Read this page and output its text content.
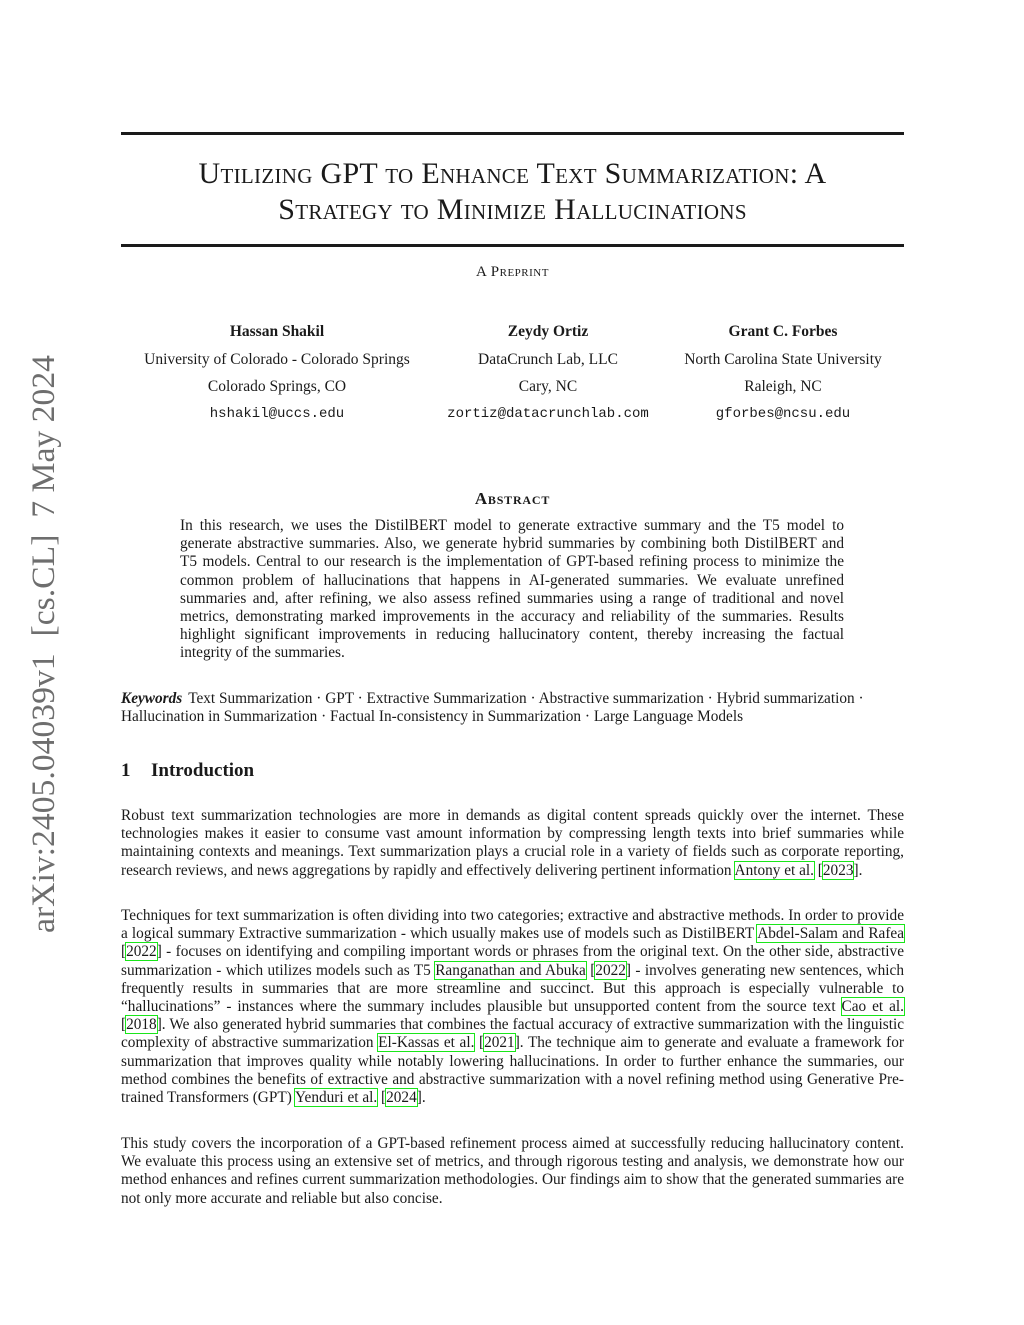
Utilizing GPT to Enhance Text Summarization: A
Strategy to Minimize Hallucinations
A Preprint
Hassan Shakil
University of Colorado - Colorado Springs
Colorado Springs, CO
hshakil@uccs.edu
Zeydy Ortiz
DataCrunch Lab, LLC
Cary, NC
zortiz@datacrunchlab.com
Grant C. Forbes
North Carolina State University
Raleigh, NC
gforbes@ncsu.edu
arXiv:2405.04039v1  [cs.CL]  7 May 2024	Abstract
In this research, we uses the DistilBERT model to generate extractive summary and the T5 model to generate abstractive summaries. Also, we generate hybrid summaries by combining both DistilBERT and T5 models. Central to our research is the implementation of GPT-based refining process to minimize the common problem of hallucinations that happens in AI-generated summaries. We evaluate unrefined summaries and, after refining, we also assess refined summaries using a range of traditional and novel metrics, demonstrating marked improvements in the accuracy and reliability of the summaries. Results highlight significant improvements in reducing hallucinatory content, thereby increasing the factual integrity of the summaries.
Keywords Text Summarization · GPT · Extractive Summarization · Abstractive summarization · Hybrid summarization · Hallucination in Summarization · Factual In-consistency in Summarization · Large Language Models
1 Introduction
Robust text summarization technologies are more in demands as digital content spreads quickly over the internet. These technologies makes it easier to consume vast amount information by compressing length texts into brief summaries while maintaining contexts and meanings. Text summarization plays a crucial role in a variety of fields such as corporate reporting, research reviews, and news aggregations by rapidly and effectively delivering pertinent information Antony et al. [2023].
Techniques for text summarization is often dividing into two categories; extractive and abstractive methods. In order to provide a logical summary Extractive summarization - which usually makes use of models such as DistilBERT Abdel-Salam and Rafea [2022] - focuses on identifying and compiling important words or phrases from the original text. On the other side, abstractive summarization - which utilizes models such as T5 Ranganathan and Abuka [2022] - involves generating new sentences, which frequently results in summaries that are more streamline and succinct. But this approach is especially vulnerable to “hallucinations” - instances where the summary includes plausible but unsupported content from the source text Cao et al. [2018]. We also generated hybrid summaries that combines the factual accuracy of extractive summarization with the linguistic complexity of abstractive summarization El-Kassas et al. [2021]. The technique aim to generate and evaluate a framework for summarization that improves quality while notably lowering hallucinations. In order to further enhance the summaries, our method combines the benefits of extractive and abstractive summarization with a novel refining method using Generative Pre-trained Transformers (GPT) Yenduri et al. [2024].
This study covers the incorporation of a GPT-based refinement process aimed at successfully reducing hallucinatory content. We evaluate this process using an extensive set of metrics, and through rigorous testing and analysis, we demonstrate how our method enhances and refines current summarization methodologies. Our findings aim to show that the generated summaries are not only more accurate and reliable but also concise.
